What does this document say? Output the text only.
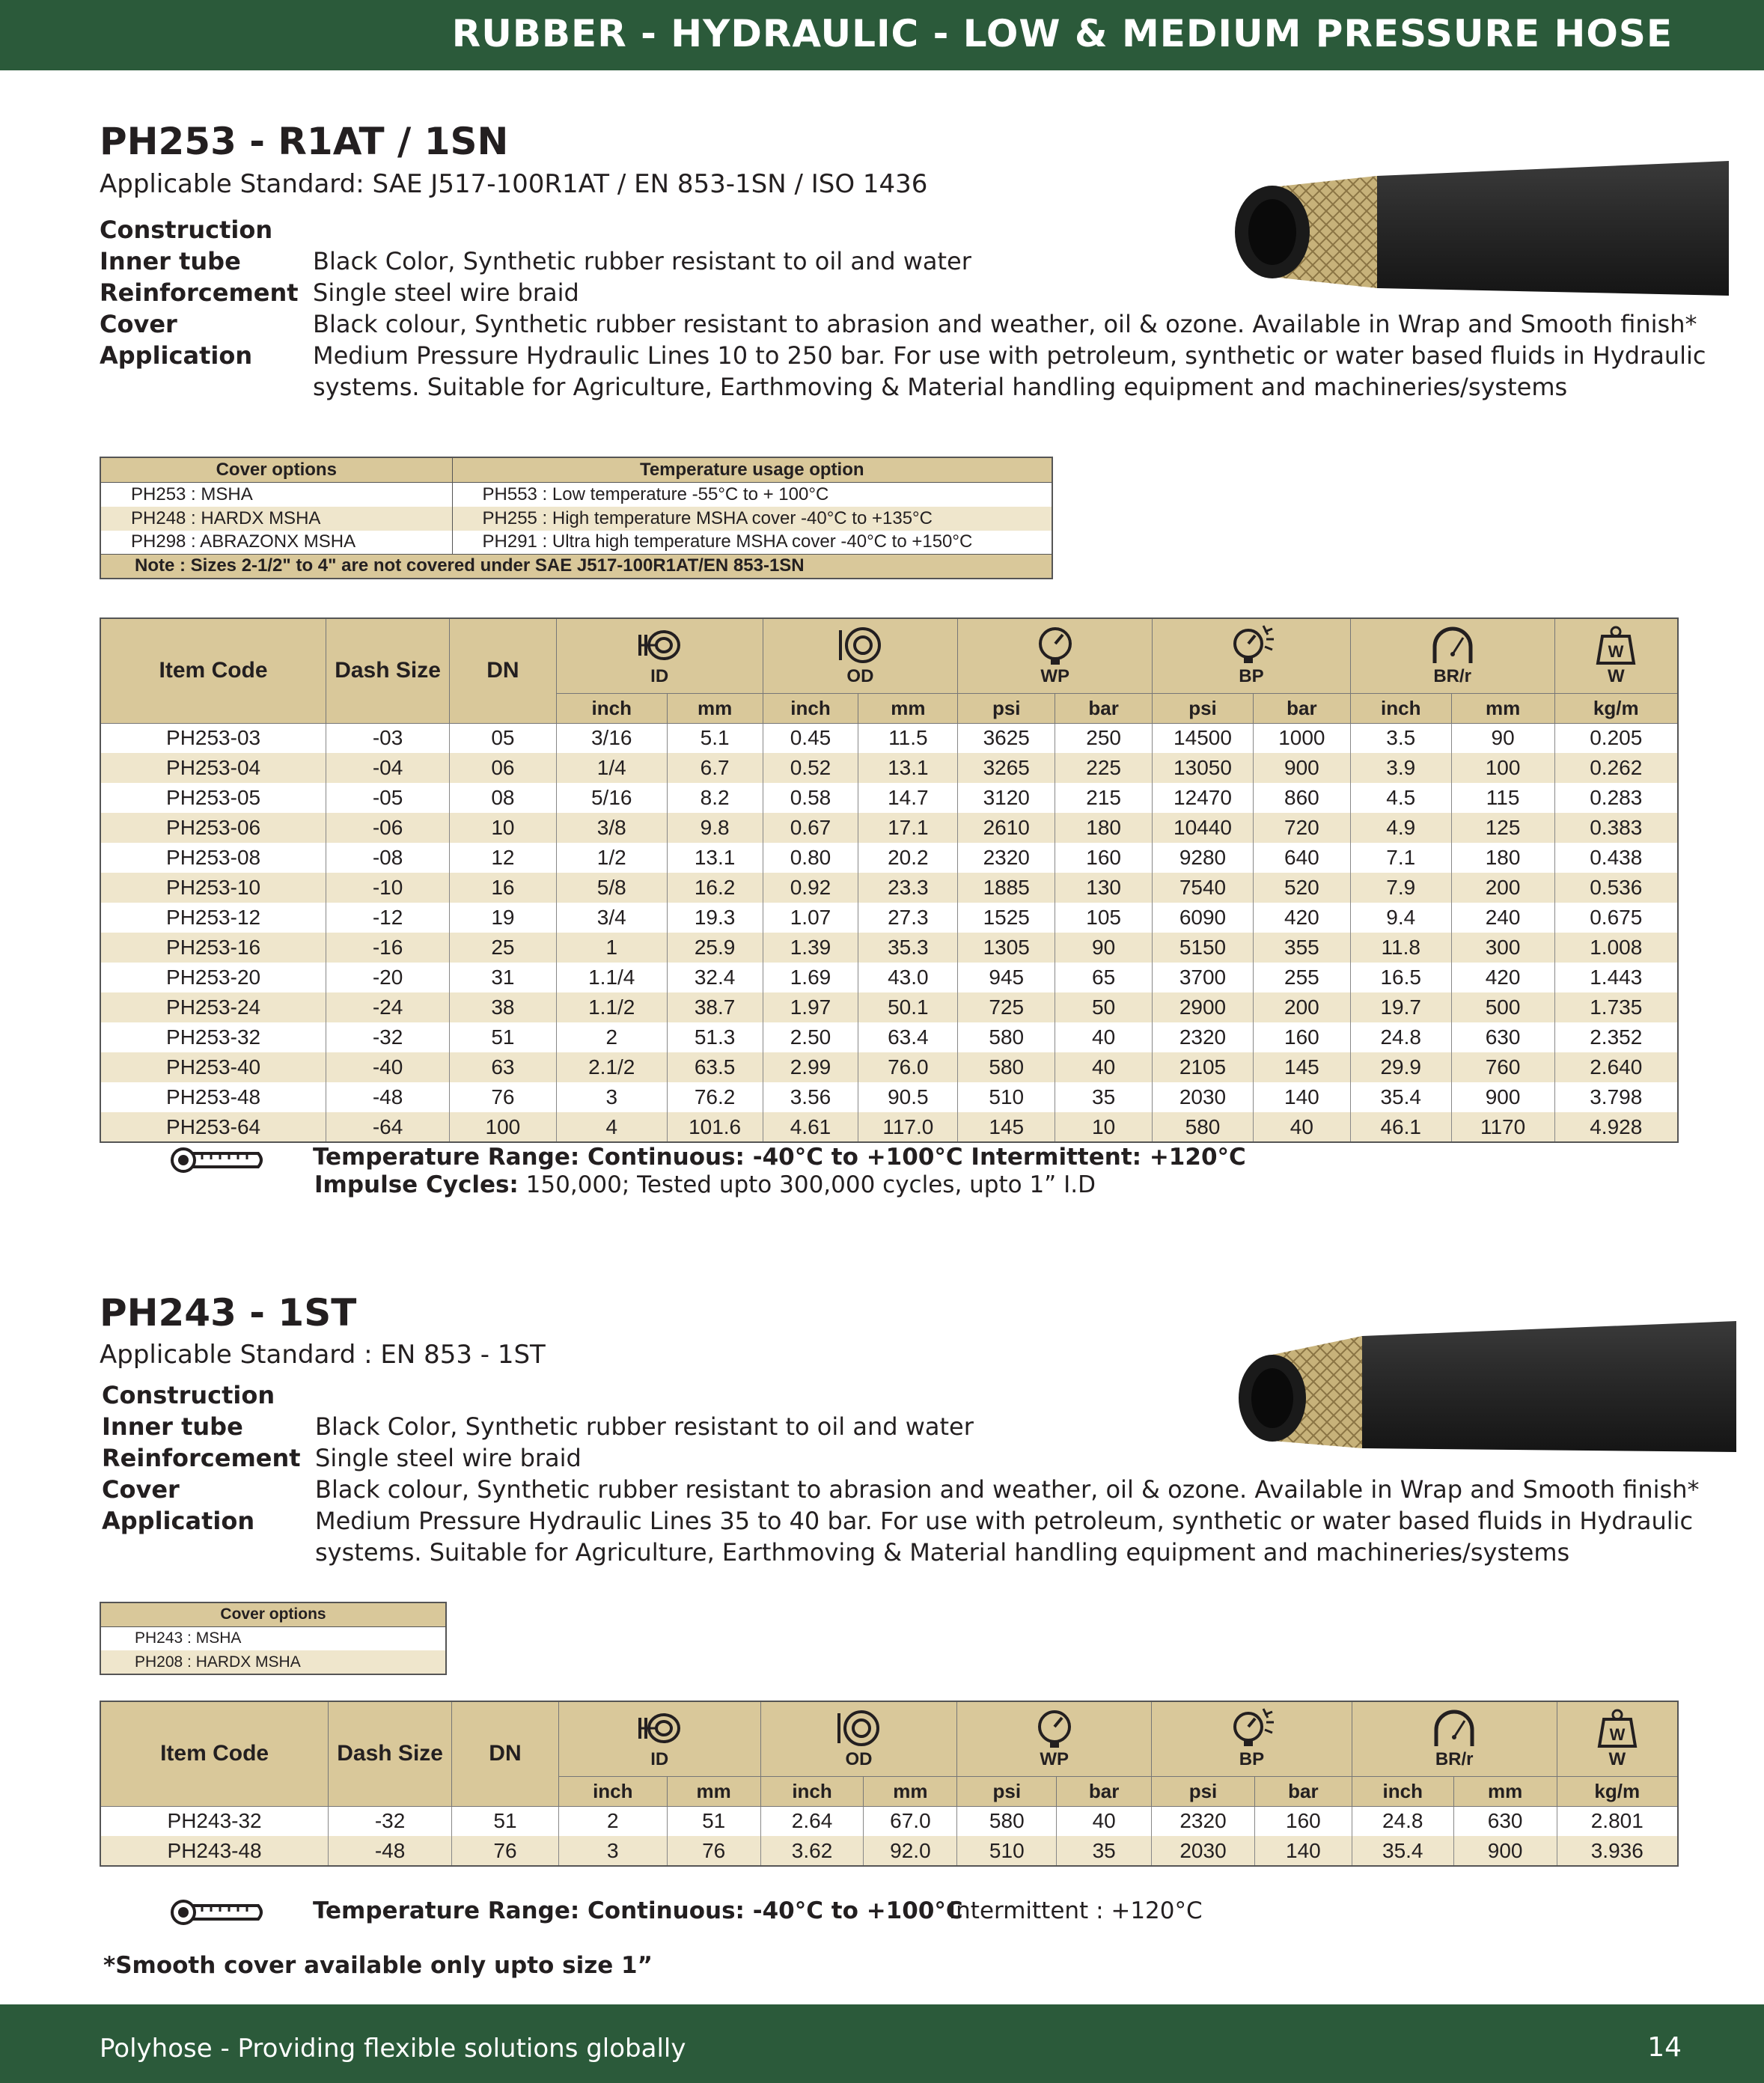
RUBBER - HYDRAULIC - LOW & MEDIUM PRESSURE HOSE
PH253 - R1AT / 1SN
Applicable Standard: SAE J517-100R1AT / EN 853-1SN / ISO 1436
Construction
Inner tube	Black Color, Synthetic rubber resistant to oil and water
Reinforcement Single steel wire braid
Cover	Black colour, Synthetic rubber resistant to abrasion and weather, oil & ozone. Available in Wrap and Smooth finish*
Application	Medium Pressure Hydraulic Lines 10 to 250 bar. For use with petroleum, synthetic or water based fluids in Hydraulic systems. Suitable for Agriculture, Earthmoving & Material handling equipment and machineries/systems
Cover options	Temperature usage option
PH253 : MSHA	PH553 : Low temperature -55°C to + 100°C
PH248 : HARDX MSHA	PH255 : High temperature MSHA cover -40°C to +135°C
PH298 : ABRAZONX MSHA	PH291 : Ultra high temperature MSHA cover -40°C to +150°C
Note : Sizes 2-1/2" to 4" are not covered under SAE J517-100R1AT/EN 853-1SN	
Item Code	Dash Size	DN	ID		OD		WP		BP		BR/r		W
W

			inch	mm	inch	mm	psi	bar	psi	bar	inch	mm	kg/m
PH253-03	-03	05	3/16	5.1	0.45	11.5	3625	250	14500	1000	3.5	90	0.205
PH253-04	-04	06	1/4	6.7	0.52	13.1	3265	225	13050	900	3.9	100	0.262
PH253-05	-05	08	5/16	8.2	0.58	14.7	3120	215	12470	860	4.5	115	0.283
PH253-06	-06	10	3/8	9.8	0.67	17.1	2610	180	10440	720	4.9	125	0.383
PH253-08	-08	12	1/2	13.1	0.80	20.2	2320	160	9280	640	7.1	180	0.438
PH253-10	-10	16	5/8	16.2	0.92	23.3	1885	130	7540	520	7.9	200	0.536
PH253-12	-12	19	3/4	19.3	1.07	27.3	1525	105	6090	420	9.4	240	0.675
PH253-16	-16	25	1	25.9	1.39	35.3	1305	90	5150	355	11.8	300	1.008
PH253-20	-20	31	1.1/4	32.4	1.69	43.0	945	65	3700	255	16.5	420	1.443
PH253-24	-24	38	1.1/2	38.7	1.97	50.1	725	50	2900	200	19.7	500	1.735
PH253-32	-32	51	2	51.3	2.50	63.4	580	40	2320	160	24.8	630	2.352
PH253-40	-40	63	2.1/2	63.5	2.99	76.0	580	40	2105	145	29.9	760	2.640
PH253-48	-48	76	3	76.2	3.56	90.5	510	35	2030	140	35.4	900	3.798
PH253-64	-64	100	4	101.6	4.61	117.0	145	10	580	40	46.1	1170	4.928
Temperature Range: Continuous: -40°C to +100°C Intermittent: +120°C
Impulse Cycles: 150,000; Tested upto 300,000 cycles, upto 1” I.D
PH243 - 1ST
Applicable Standard : EN 853 - 1ST
Construction
Inner tube	Black Color, Synthetic rubber resistant to oil and water
Reinforcement Single steel wire braid
Cover	Black colour, Synthetic rubber resistant to abrasion and weather, oil & ozone. Available in Wrap and Smooth finish*
Application	Medium Pressure Hydraulic Lines 35 to 40 bar. For use with petroleum, synthetic or water based fluids in Hydraulic systems. Suitable for Agriculture, Earthmoving & Material handling equipment and machineries/systems
Cover options
PH243 : MSHA
PH208 : HARDX MSHA
Item Code	Dash Size	DN	ID		OD		WP		BP		BR/r		W
W

			inch	mm	inch	mm	psi	bar	psi	bar	inch	mm	kg/m
PH243-32	-32	51	2	51	2.64	67.0	580	40	2320	160	24.8	630	2.801
PH243-48	-48	76	3	76	3.62	92.0	510	35	2030	140	35.4	900	3.936
Temperature Range: Continuous: -40°C to +100°C
Intermittent : +120°C
*Smooth cover available only upto size 1”
Polyhose - Providing flexible solutions globally	14
